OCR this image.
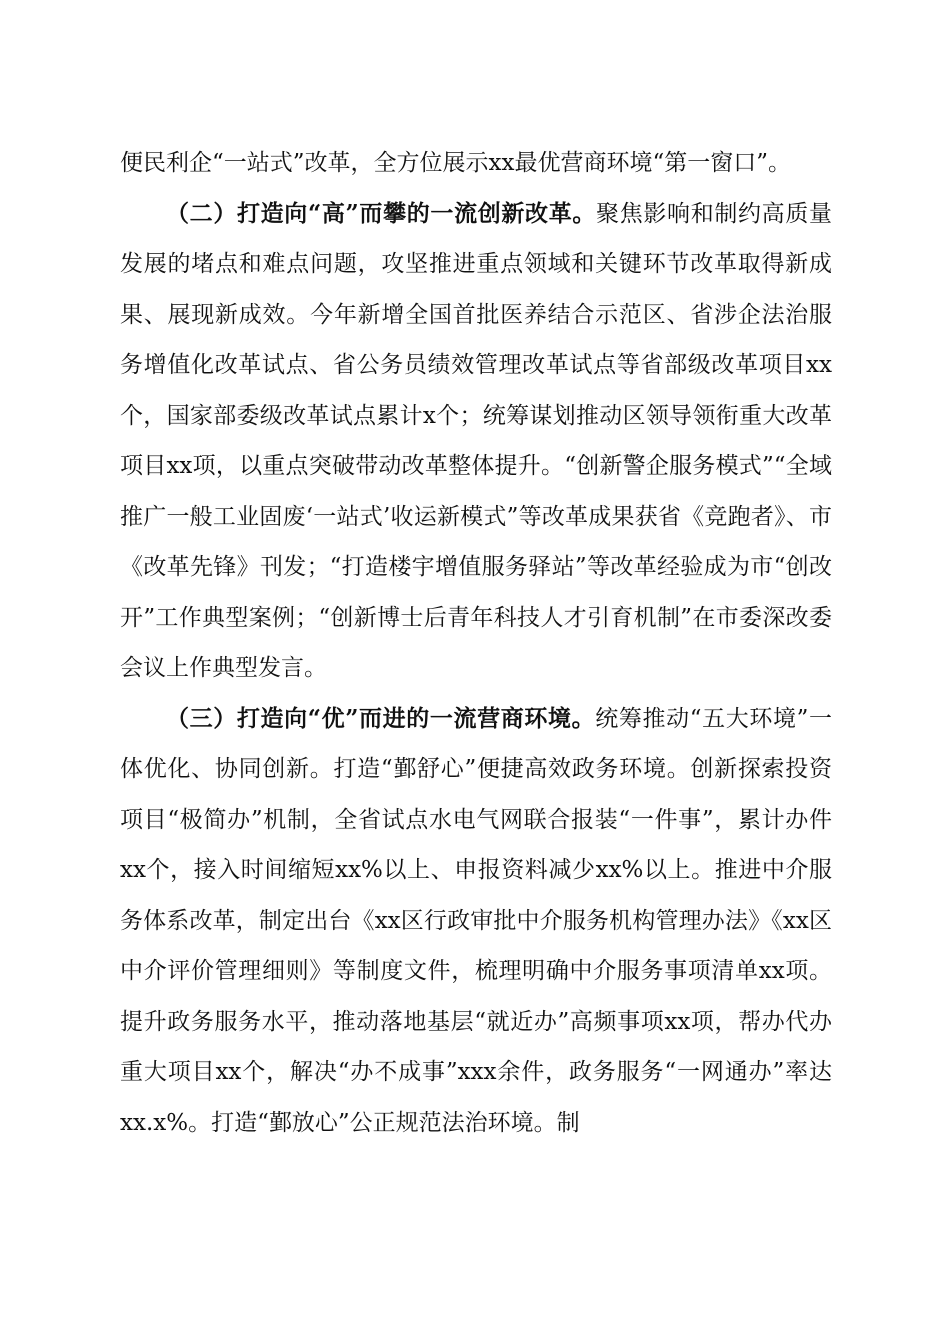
便民利企“一站式”改革，全方位展示xx最优营商环境“第一窗口”。

（二）打造向“高”而攀的一流创新改革。聚焦影响和制约高质量发展的堵点和难点问题，攻坚推进重点领域和关键环节改革取得新成果、展现新成效。今年新增全国首批医养结合示范区、省涉企法治服务增值化改革试点、省公务员绩效管理改革试点等省部级改革项目xx个，国家部委级改革试点累计x个；统筹谋划推动区领导领衔重大改革项目xx项，以重点突破带动改革整体提升。“创新警企服务模式”“全域推广一般工业固废‘一站式’收运新模式”等改革成果获省《竞跑者》、市《改革先锋》刊发；“打造楼宇增值服务驿站”等改革经验成为市“创改开”工作典型案例；“创新博士后青年科技人才引育机制”在市委深改委会议上作典型发言。

（三）打造向“优”而进的一流营商环境。统筹推动“五大环境”一体优化、协同创新。打造“鄞舒心”便捷高效政务环境。创新探索投资项目“极简办”机制，全省试点水电气网联合报装“一件事”，累计办件xx个，接入时间缩短xx%以上、申报资料减少xx%以上。推进中介服务体系改革，制定出台《xx区行政审批中介服务机构管理办法》《xx区中介评价管理细则》等制度文件，梳理明确中介服务事项清单xx项。提升政务服务水平，推动落地基层“就近办”高频事项xx项，帮办代办重大项目xx个，解决“办不成事”xxx余件，政务服务“一网通办”率达xx.x%。打造“鄞放心”公正规范法治环境。制
